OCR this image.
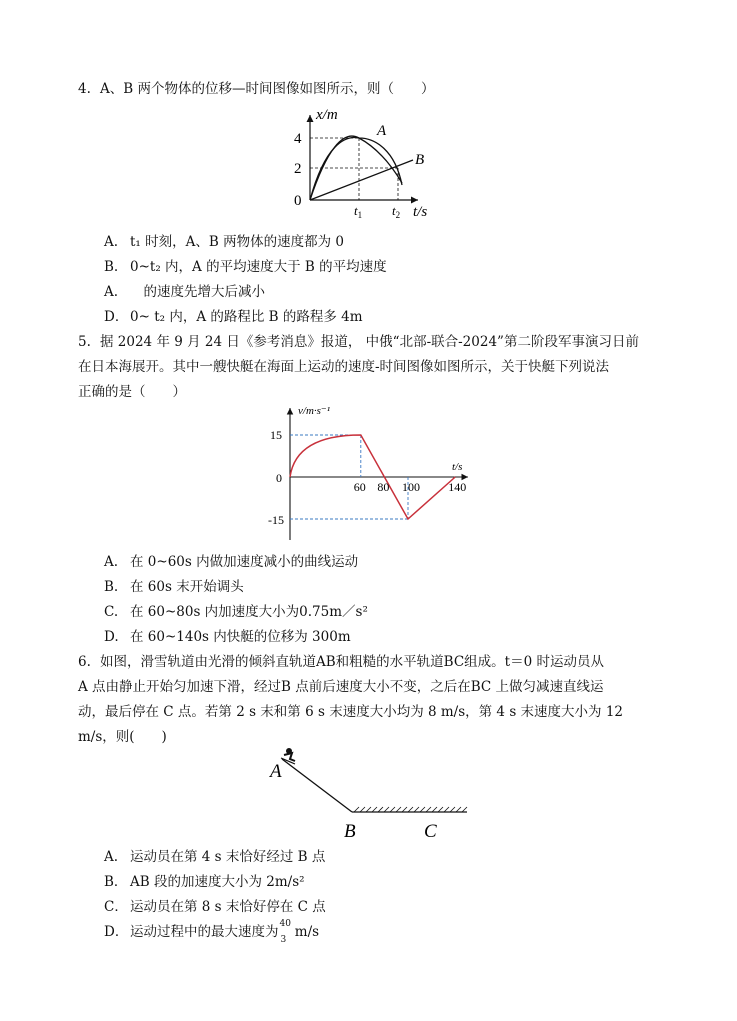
4. A、B 两个物体的位移—时间图像如图所示，则（　　）
x/m
4
2
0
A
B
$t_1$ $t_2$ t/s
A. t₁ 时刻，A、B 两物体的速度都为 0
B. 0~t₂ 内，A 的平均速度大于 B 的平均速度
A.　的速度先增大后减小
D． 0~ t₂ 内，A 的路程比 B 的路程多 4m
5. 据 2024 年 9 月 24 日《参考消息》报道， 中俄“北部-联合-2024”第二阶段军事演习日前
在日本海展开。其中一艘快艇在海面上运动的速度-时间图像如图所示，关于快艇下列说法
正确的是（　　）
v/m·s⁻¹
t/s
15
0
-15
60 80 100 140
A. 在 0~60s 内做加速度减小的曲线运动
B. 在 60s 末开始调头
C. 在 60~80s 内加速度大小为0.75m／s²
D. 在 60~140s 内快艇的位移为 300m
6. 如图，滑雪轨道由光滑的倾斜直轨道AB和粗糙的水平轨道BC组成。t＝0 时运动员从
A 点由静止开始匀加速下滑，经过B 点前后速度大小不变，之后在BC 上做匀减速直线运
动，最后停在 C 点。若第 2 s 末和第 6 s 末速度大小均为 8 m/s，第 4 s 末速度大小为 12
m/s，则(　　)
A
B	C
A. 运动员在第 4 s 末恰好经过 B 点
B． AB 段的加速度大小为 2m/s²
C． 运动员在第 8 s 末恰好停在 C 点
D． 运动过程中的最大速度为
40
3 m/s
